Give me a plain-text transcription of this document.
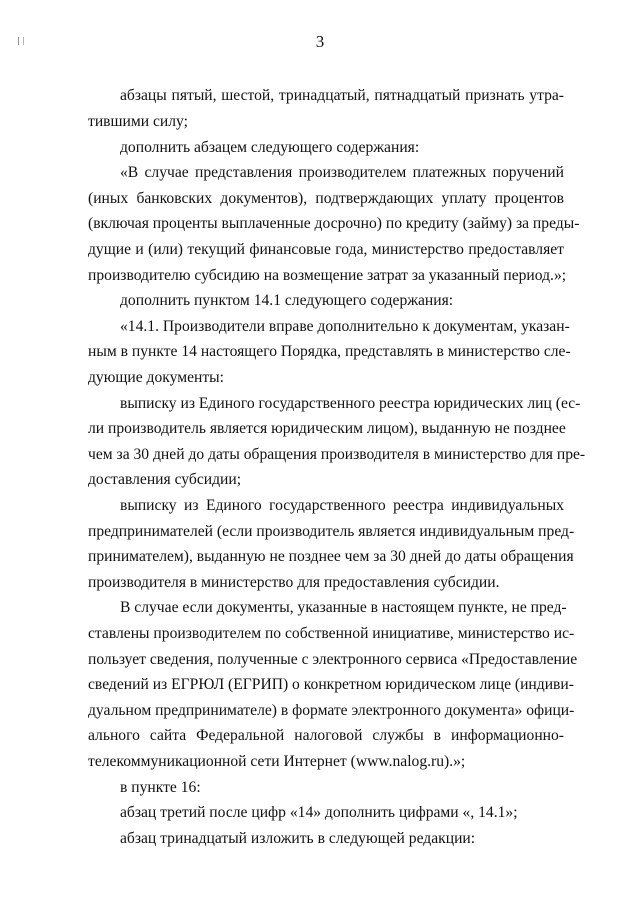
3
абзацы пятый, шестой, тринадцатый, пятнадцатый признать утра-
тившими силу;
дополнить абзацем следующего содержания:
«В случае представления производителем платежных поручений
(иных банковских документов), подтверждающих уплату процентов
(включая проценты выплаченные досрочно) по кредиту (займу) за преды-
дущие и (или) текущий финансовые года, министерство предоставляет
производителю субсидию на возмещение затрат за указанный период.»;
дополнить пунктом 14.1 следующего содержания:
«14.1. Производители вправе дополнительно к документам, указан-
ным в пункте 14 настоящего Порядка, представлять в министерство сле-
дующие документы:
выписку из Единого государственного реестра юридических лиц (ес-
ли производитель является юридическим лицом), выданную не позднее
чем за 30 дней до даты обращения производителя в министерство для пре-
доставления субсидии;
выписку из Единого государственного реестра индивидуальных
предпринимателей (если производитель является индивидуальным пред-
принимателем), выданную не позднее чем за 30 дней до даты обращения
производителя в министерство для предоставления субсидии.
В случае если документы, указанные в настоящем пункте, не пред-
ставлены производителем по собственной инициативе, министерство ис-
пользует сведения, полученные с электронного сервиса «Предоставление
сведений из ЕГРЮЛ (ЕГРИП) о конкретном юридическом лице (индиви-
дуальном предпринимателе) в формате электронного документа» офици-
ального сайта Федеральной налоговой службы в информационно-
телекоммуникационной сети Интернет (www.nalog.ru).»;
в пункте 16:
абзац третий после цифр «14» дополнить цифрами «, 14.1»;
абзац тринадцатый изложить в следующей редакции:
